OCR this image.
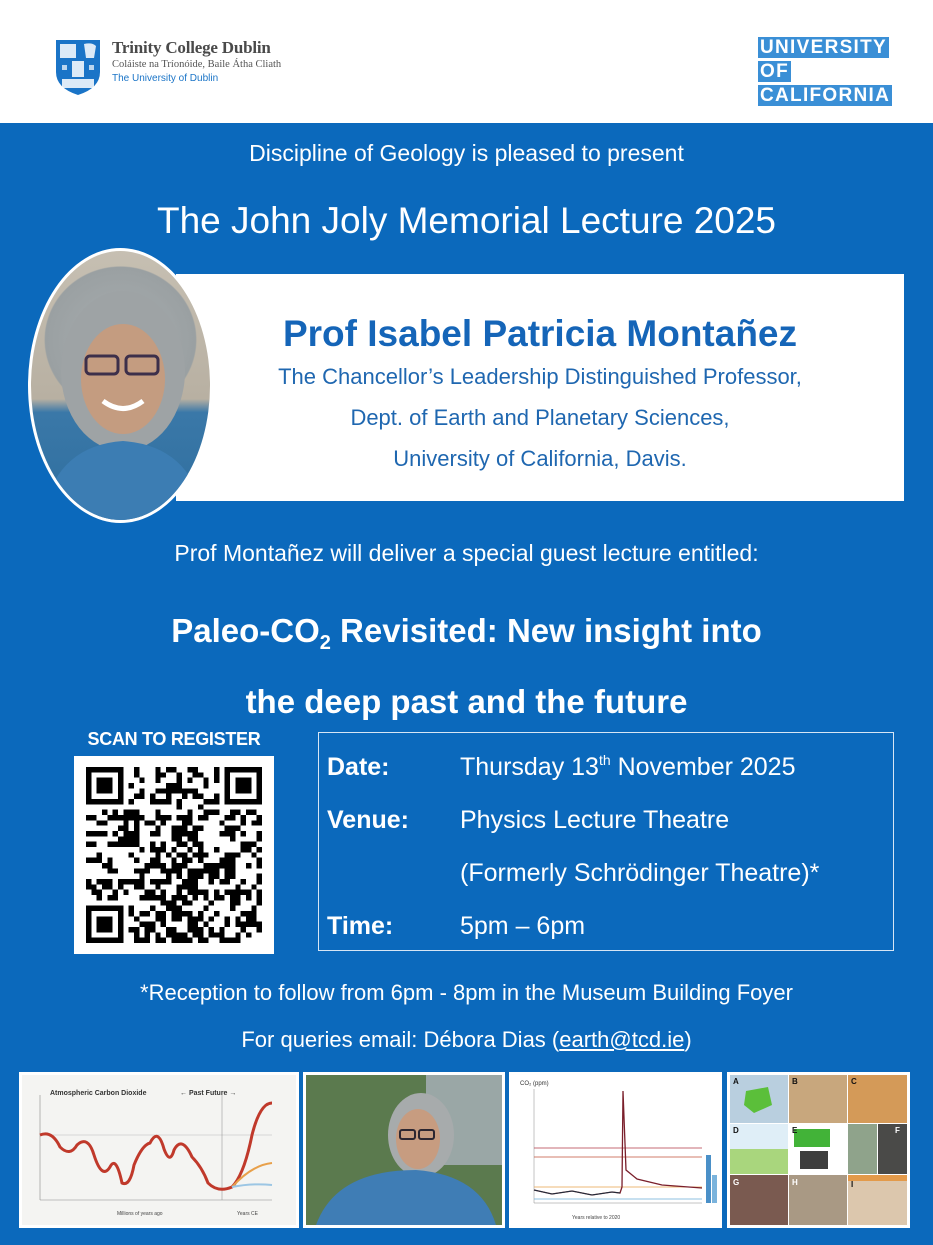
Trinity College Dublin
Coláiste na Tríonóide, Baile Átha Cliath
The University of Dublin
UNIVERSITY
OF
CALIFORNIA
Discipline of Geology is pleased to present
The John Joly Memorial Lecture 2025
Prof Isabel Patricia Montañez
The Chancellor’s Leadership Distinguished Professor,
Dept. of Earth and Planetary Sciences,
University of California, Davis.
Prof Montañez will deliver a special guest lecture entitled:
Paleo-$CO_2$ Revisited: New insight into
the deep past and the future
SCAN TO REGISTER
Date:	Thursday 13th November 2025
Venue: Physics Lecture Theatre
(Formerly Schrödinger Theatre)*
Time:	5pm – 6pm
*Reception to follow from 6pm - 8pm in the Museum Building Foyer
For queries email: Débora Dias (earth@tcd.ie)
Atmospheric Carbon Dioxide	← Past Future →
Millions of years ago	Years CE
CO₂ (ppm)
Years relative to 2020
A	B	C
D	E	F
G	H	I
